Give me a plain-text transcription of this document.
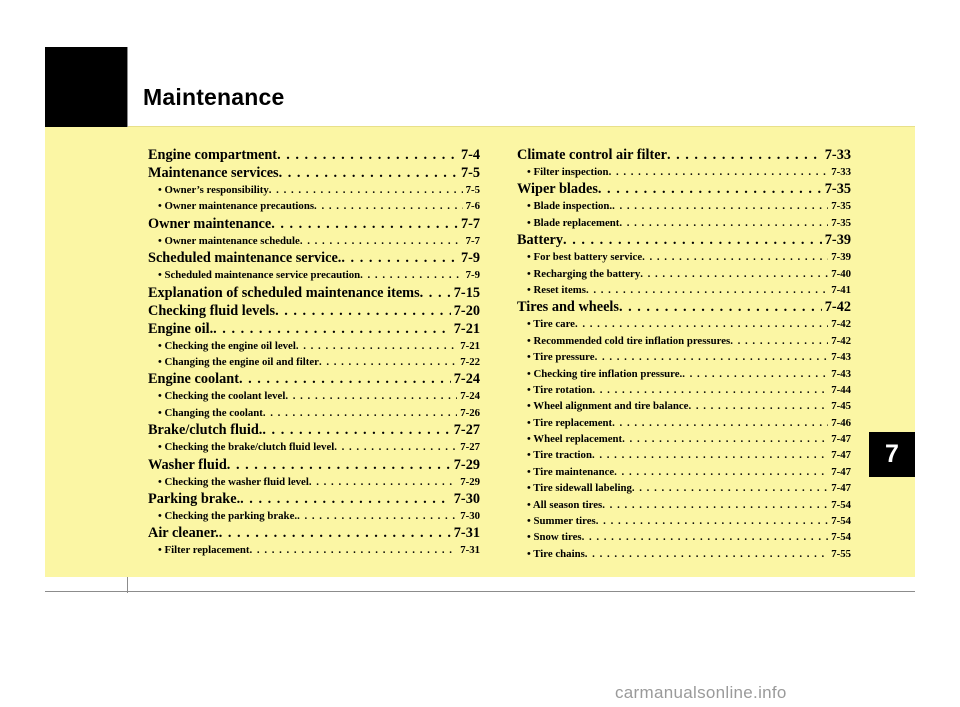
Maintenance
Engine compartment . . .	7-4
Maintenance services . . .	7-5
• Owner’s responsibility . . .	7-5
• Owner maintenance precautions . . .	7-6
Owner maintenance . . .	7-7
• Owner maintenance schedule . . .	7-7
Scheduled maintenance service. . . .	7-9
• Scheduled maintenance service precaution . . .	7-9
Explanation of scheduled maintenance items . . . 7-15
Checking fluid levels . . .	7-20
Engine oil. . . .	7-21
• Checking the engine oil level . . .	7-21
• Changing the engine oil and filter . . .	7-22
Engine coolant . . .	7-24
• Checking the coolant level . . .	7-24
• Changing the coolant . . .	7-26
Brake/clutch fluid. . . .	7-27
• Checking the brake/clutch fluid level . . .	7-27
Washer fluid . . .	7-29
• Checking the washer fluid level . . .	7-29
Parking brake. . . .	7-30
• Checking the parking brake. . . .	7-30
Air cleaner. . . .	7-31
• Filter replacement . . .	7-31
Climate control air filter . . .	7-33
• Filter inspection . . .	7-33
Wiper blades . . .	7-35
• Blade inspection. . . .	7-35
• Blade replacement . . .	7-35
Battery . . .	7-39
• For best battery service . . .	7-39
• Recharging the battery . . .	7-40
• Reset items . . .	7-41
Tires and wheels . . .	7-42
• Tire care . . .	7-42
• Recommended cold tire inflation pressures . . .	7-42
• Tire pressure . . .	7-43
• Checking tire inflation pressure. . . .	7-43
• Tire rotation . . .	7-44
• Wheel alignment and tire balance . . .	7-45
• Tire replacement . . .	7-46
• Wheel replacement . . .	7-47
• Tire traction . . .	7-47
• Tire maintenance . . .	7-47
• Tire sidewall labeling . . .	7-47
• All season tires . . .	7-54
• Summer tires . . .	7-54
• Snow tires . . .	7-54
• Tire chains . . .	7-55
7
carmanualsonline.info
